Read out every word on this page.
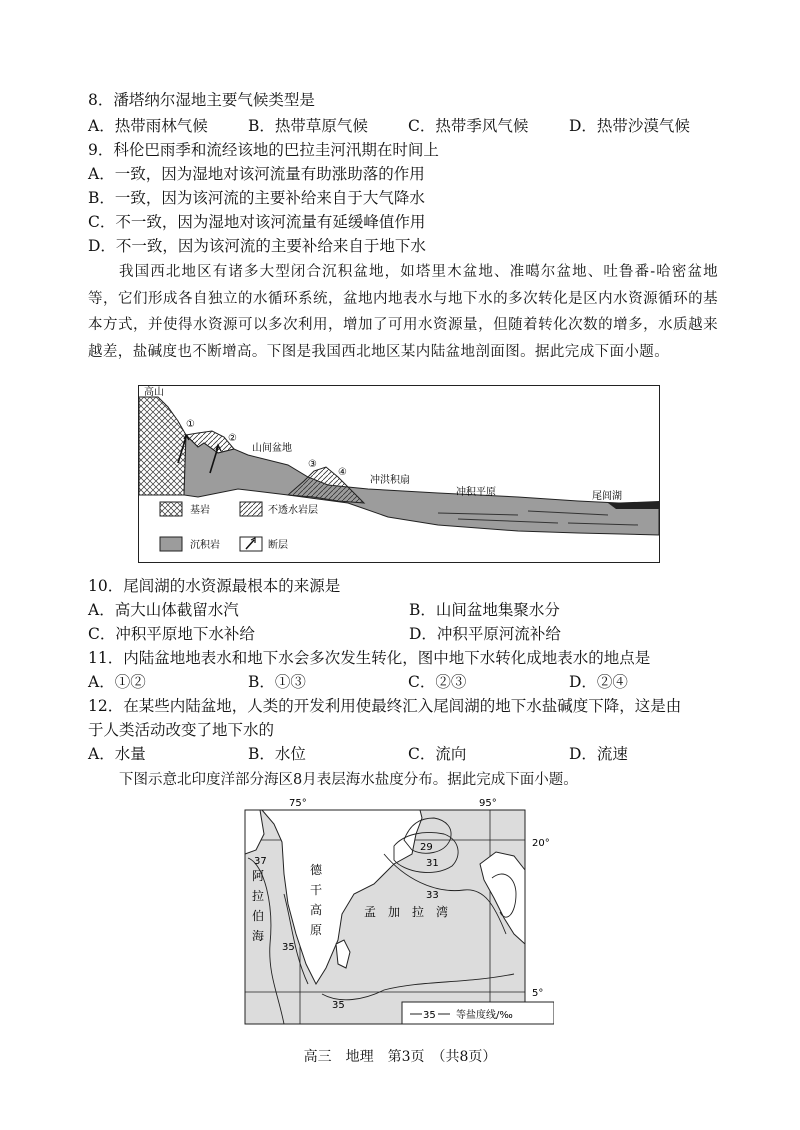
8．潘塔纳尔湿地主要气候类型是
A．热带雨林气候	B．热带草原气候	C．热带季风气候	D．热带沙漠气候
9．科伦巴雨季和流经该地的巴拉圭河汛期在时间上
A．一致，因为湿地对该河流量有助涨助落的作用
B．一致，因为该河流的主要补给来自于大气降水
C．不一致，因为湿地对该河流量有延缓峰值作用
D．不一致，因为该河流的主要补给来自于地下水
我国西北地区有诸多大型闭合沉积盆地，如塔里木盆地、准噶尔盆地、吐鲁番-哈密盆地等，它们形成各自独立的水循环系统，盆地内地表水与地下水的多次转化是区内水资源循环的基本方式，并使得水资源可以多次利用，增加了可用水资源量，但随着转化次数的增多，水质越来越差，盐碱度也不断增高。下图是我国西北地区某内陆盆地剖面图。据此完成下面小题。
高山
①
②
山间盆地
③
④
冲洪积扇
冲积平原	尾闾湖
基岩	不透水岩层
沉积岩	断层
10．尾闾湖的水资源最根本的来源是
A．高大山体截留水汽	B．山间盆地集聚水分
C．冲积平原地下水补给	D．冲积平原河流补给
11．内陆盆地地表水和地下水会多次发生转化，图中地下水转化成地表水的地点是
A．①②	B．①③	C．②③	D．②④
12．在某些内陆盆地，人类的开发利用使最终汇入尾闾湖的地下水盐碱度下降，这是由
于人类活动改变了地下水的
A．水量	B．水位	C．流向	D．流速
下图示意北印度洋部分海区8月表层海水盐度分布。据此完成下面小题。
75°	95°
20°
5°
37
35
29
31
33
35
阿
拉
伯
海
德
干
高
原
孟　加　拉　湾
35 等盐度线/‰
高三　地理　第3页　（共8页）
